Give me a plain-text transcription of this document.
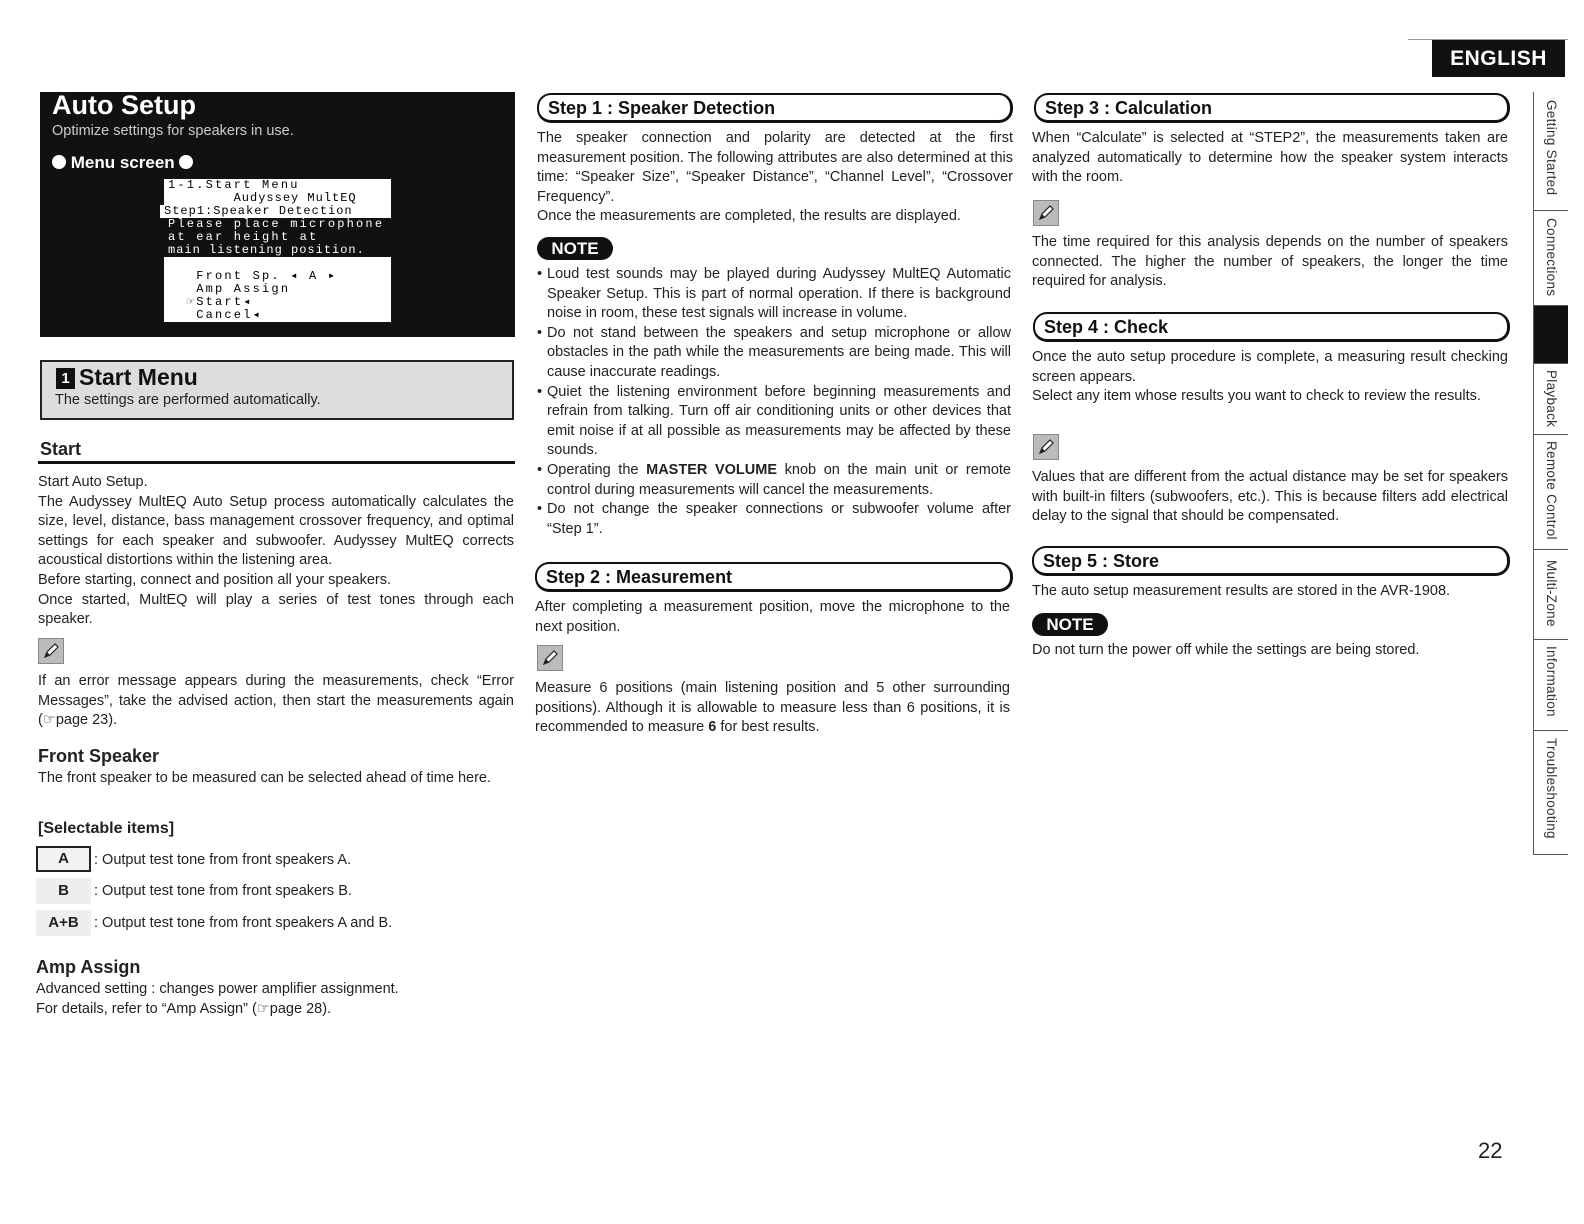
ENGLISH
Auto Setup
Optimize settings for speakers in use.
Menu screen
1-1.Start Menu
Audyssey MultEQ
Step1:Speaker Detection
Please place microphone
at ear height at
main listening position.
Front Sp. ◂ A ▸
Amp Assign
☞Start◂
Cancel◂
1 Start Menu
The settings are performed automatically.
Start

Start Auto Setup.

The Audyssey MultEQ Auto Setup process automatically calculates the size, level, distance, bass management crossover frequency, and optimal settings for each speaker and subwoofer. Audyssey MultEQ corrects acoustical distortions within the listening area.

Before starting, connect and position all your speakers.

Once started, MultEQ will play a series of test tones through each speaker.

If an error message appears during the measurements, check “Error Messages”, take the advised action, then start the measurements again (☞page 23).
Front Speaker
The front speaker to be measured can be selected ahead of time here.
[Selectable items]
A	: Output test tone from front speakers A.
B	: Output test tone from front speakers B.
A+B	: Output test tone from front speakers A and B.
Amp Assign

Advanced setting : changes power amplifier assignment.

For details, refer to “Amp Assign” (☞page 28).

Step 1 : Speaker Detection

The speaker connection and polarity are detected at the first measurement position. The following attributes are also determined at this time: “Speaker Size”, “Speaker Distance”, “Channel Level”, “Crossover Frequency”.

Once the measurements are completed, the results are displayed.

NOTE
• Loud test sounds may be played during Audyssey MultEQ Automatic Speaker Setup. This is part of normal operation. If there is background noise in room, these test signals will increase in volume.
• Do not stand between the speakers and setup microphone or allow obstacles in the path while the measurements are being made. This will cause inaccurate readings.
• Quiet the listening environment before beginning measurements and refrain from talking. Turn off air conditioning units or other devices that emit noise if at all possible as measurements may be affected by these sounds.
• Operating the MASTER VOLUME knob on the main unit or remote control during measurements will cancel the measurements.
• Do not change the speaker connections or subwoofer volume after “Step 1”.
Step 2 : Measurement
After completing a measurement position, move the microphone to the next position.
Measure 6 positions (main listening position and 5 other surrounding positions). Although it is allowable to measure less than 6 positions, it is recommended to measure 6 for best results.
Step 3 : Calculation
When “Calculate” is selected at “STEP2”, the measurements taken are analyzed automatically to determine how the speaker system interacts with the room.
The time required for this analysis depends on the number of speakers connected. The higher the number of speakers, the longer the time required for analysis.
Step 4 : Check

Once the auto setup procedure is complete, a measuring result checking screen appears.

Select any item whose results you want to check to review the results.

Values that are different from the actual distance may be set for speakers with built-in filters (subwoofers, etc.). This is because filters add electrical delay to the signal that should be compensated.
Step 5 : Store
The auto setup measurement results are stored in the AVR-1908.
NOTE
Do not turn the power off while the settings are being stored.
Getting Started
Connections
Playback
Remote Control
Multi-Zone
Information
Troubleshooting
22
